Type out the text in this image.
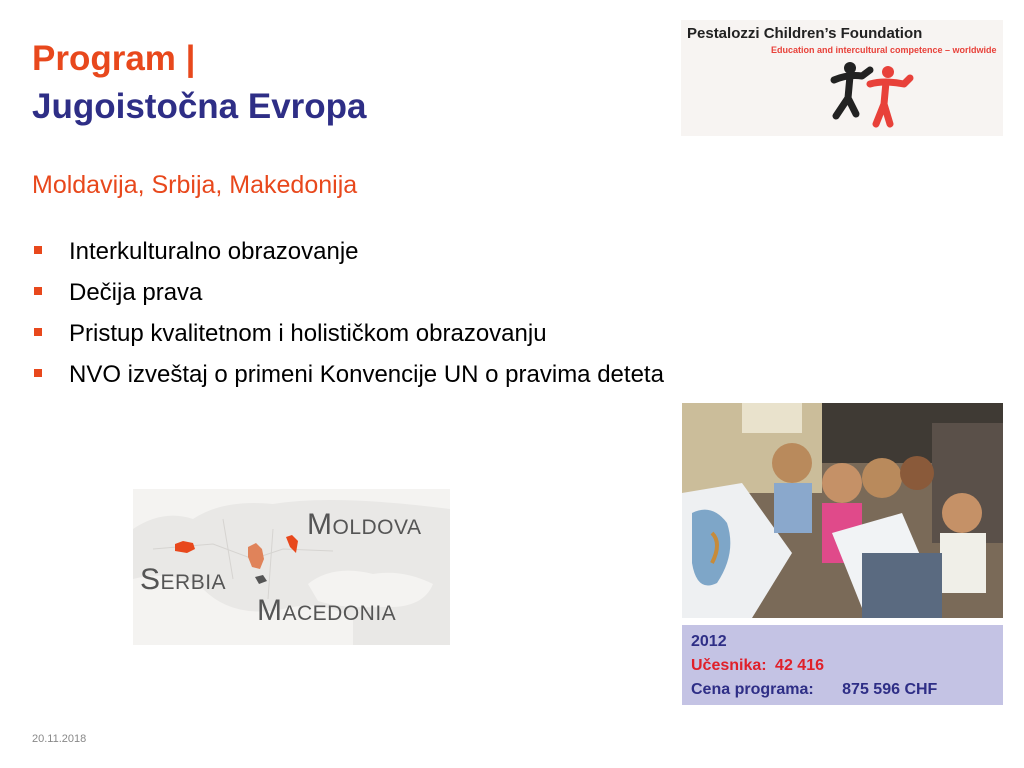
Program |
Jugoistočna Evropa
Moldavija, Srbija, Makedonija
Interkulturalno obrazovanje
Dečija prava
Pristup kvalitetnom i holističkom obrazovanju
NVO izveštaj o primeni Konvencije UN o pravima deteta
Pestalozzi Children’s Foundation
Education and intercultural competence – worldwide
MOLDOVA
SERBIA
MACEDONIA
2012
Učesnika: 42 416
Cena programa: 875 596 CHF
20.11.2018
